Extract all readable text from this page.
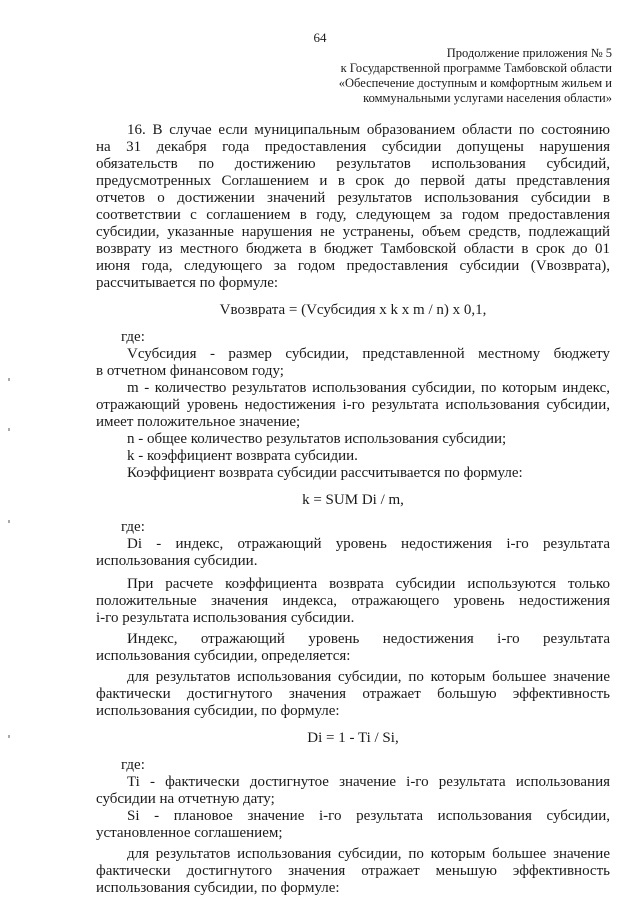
64
Продолжение приложения № 5
к Государственной программе Тамбовской области
«Обеспечение доступным и комфортным жильем и
коммунальными услугами населения области»

16. В случае если муниципальным образованием области по состоянию

на 31 декабря года предоставления субсидии допущены нарушения

обязательств по достижению результатов использования субсидий,

предусмотренных Соглашением и в срок до первой даты представления

отчетов о достижении значений результатов использования субсидии в

соответствии с соглашением в году, следующем за годом предоставления

субсидии, указанные нарушения не устранены, объем средств, подлежащий

возврату из местного бюджета в бюджет Тамбовской области в срок до 01

июня года, следующего за годом предоставления субсидии (Vвозврата),

рассчитывается по формуле:

Vвозврата = (Vсубсидия x k x m / n) x 0,1,

где:

Vсубсидия - размер субсидии, представленной местному бюджету

в отчетном финансовом году;

m - количество результатов использования субсидии, по которым индекс,

отражающий уровень недостижения i-го результата использования субсидии,

имеет положительное значение;

n - общее количество результатов использования субсидии;

k - коэффициент возврата субсидии.

Коэффициент возврата субсидии рассчитывается по формуле:

k = SUM Di / m,

где:

Di - индекс, отражающий уровень недостижения i-го результата

использования субсидии.

При расчете коэффициента возврата субсидии используются только

положительные значения индекса, отражающего уровень недостижения

i-го результата использования субсидии.

Индекс, отражающий уровень недостижения i-го результата

использования субсидии, определяется:

для результатов использования субсидии, по которым большее значение

фактически достигнутого значения отражает большую эффективность

использования субсидии, по формуле:

Di = 1 - Ti / Si,

где:

Ti - фактически достигнутое значение i-го результата использования

субсидии на отчетную дату;

Si - плановое значение i-го результата использования субсидии,

установленное соглашением;

для результатов использования субсидии, по которым большее значение

фактически достигнутого значения отражает меньшую эффективность

использования субсидии, по формуле:
